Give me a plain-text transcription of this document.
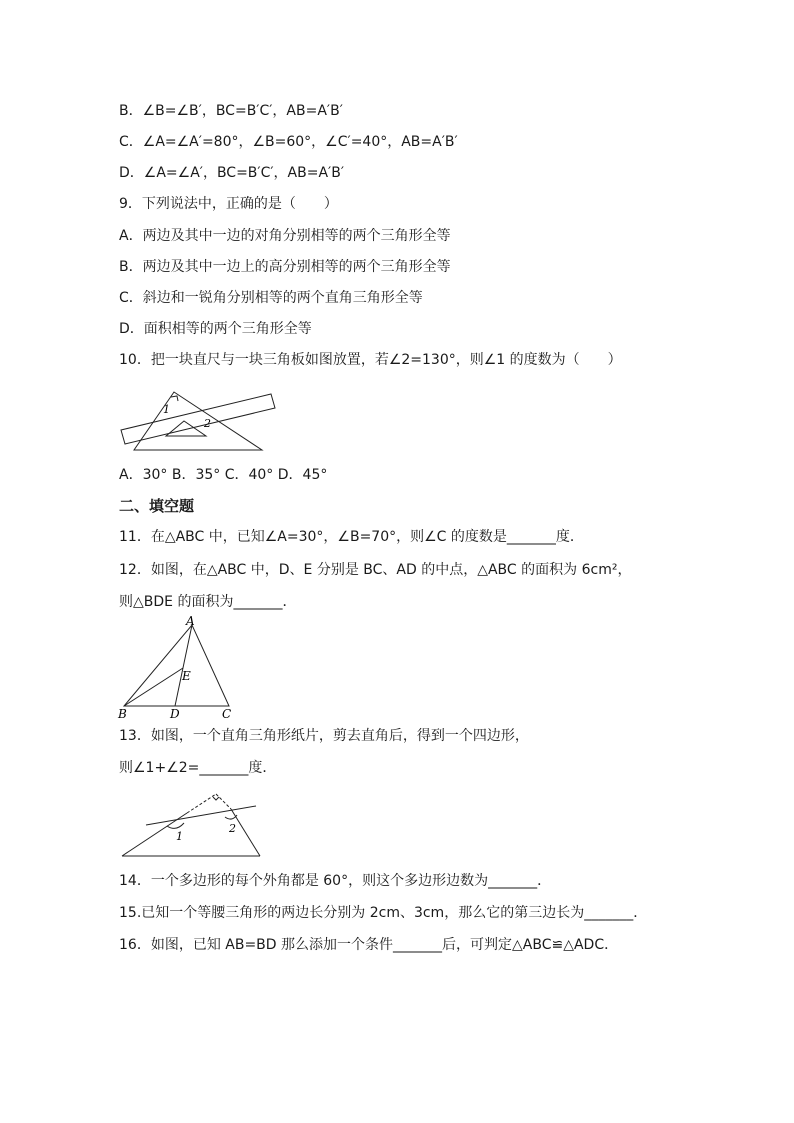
B．∠B=∠B′，BC=B′C′，AB=A′B′
C．∠A=∠A′=80°，∠B=60°，∠C′=40°，AB=A′B′
D．∠A=∠A′，BC=B′C′，AB=A′B′
9．下列说法中，正确的是（　　）
A．两边及其中一边的对角分别相等的两个三角形全等
B．两边及其中一边上的高分别相等的两个三角形全等
C．斜边和一锐角分别相等的两个直角三角形全等
D．面积相等的两个三角形全等
10．把一块直尺与一块三角板如图放置，若∠2=130°，则∠1 的度数为（　　）
1
2
A．30° B．35° C．40° D．45°
二、填空题
11．在△ABC 中，已知∠A=30°，∠B=70°，则∠C 的度数是_______度．
12．如图，在△ABC 中，D、E 分别是 BC、AD 的中点，△ABC 的面积为 6cm²，
则△BDE 的面积为_______．
A
B	D	C
E
13．如图，一个直角三角形纸片，剪去直角后，得到一个四边形，
则∠1+∠2=_______度．
1
2
14．一个多边形的每个外角都是 60°，则这个多边形边数为_______．
15.已知一个等腰三角形的两边长分别为 2cm、3cm，那么它的第三边长为_______．
16．如图，已知 AB=BD 那么添加一个条件_______后，可判定△ABC≌△ADC．
